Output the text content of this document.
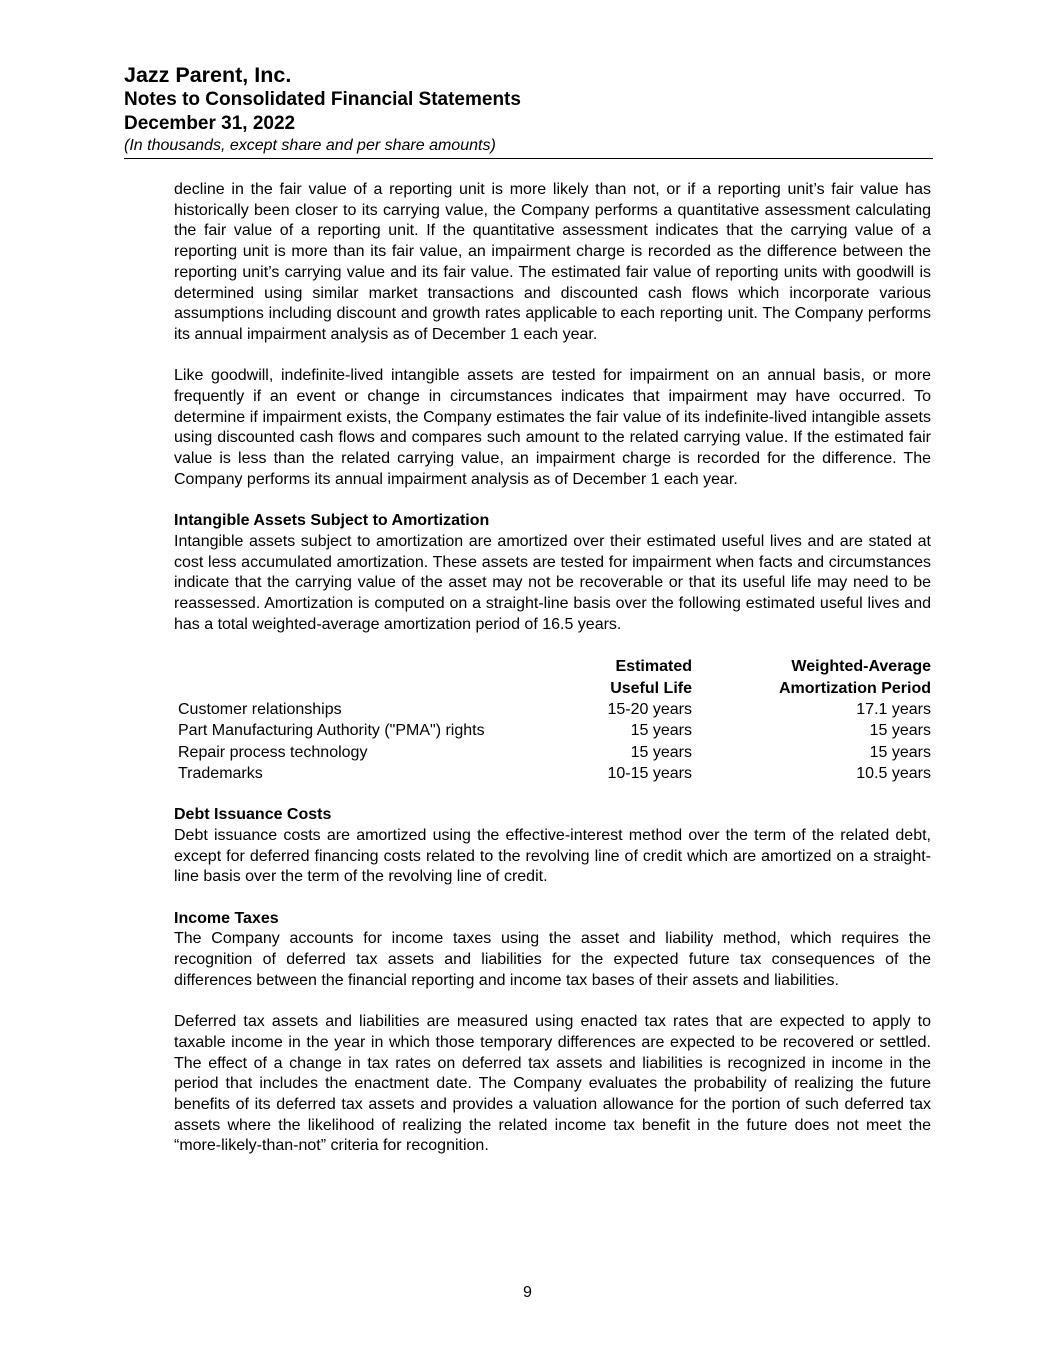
Jazz Parent, Inc.
Notes to Consolidated Financial Statements
December 31, 2022
(In thousands, except share and per share amounts)

decline in the fair value of a reporting unit is more likely than not, or if a reporting unit’s fair value has historically been closer to its carrying value, the Company performs a quantitative assessment calculating the fair value of a reporting unit. If the quantitative assessment indicates that the carrying value of a reporting unit is more than its fair value, an impairment charge is recorded as the difference between the reporting unit’s carrying value and its fair value. The estimated fair value of reporting units with goodwill is determined using similar market transactions and discounted cash flows which incorporate various assumptions including discount and growth rates applicable to each reporting unit. The Company performs its annual impairment analysis as of December 1 each year.

Like goodwill, indefinite-lived intangible assets are tested for impairment on an annual basis, or more frequently if an event or change in circumstances indicates that impairment may have occurred. To determine if impairment exists, the Company estimates the fair value of its indefinite-lived intangible assets using discounted cash flows and compares such amount to the related carrying value. If the estimated fair value is less than the related carrying value, an impairment charge is recorded for the difference. The Company performs its annual impairment analysis as of December 1 each year.

Intangible Assets Subject to Amortization

Intangible assets subject to amortization are amortized over their estimated useful lives and are stated at cost less accumulated amortization. These assets are tested for impairment when facts and circumstances indicate that the carrying value of the asset may not be recoverable or that its useful life may need to be reassessed. Amortization is computed on a straight-line basis over the following estimated useful lives and has a total weighted-average amortization period of 16.5 years.

	Estimated	Weighted-Average
	Useful Life	Amortization Period
Customer relationships	15-20 years	17.1 years
Part Manufacturing Authority ("PMA") rights	15 years	15 years
Repair process technology	15 years	15 years
Trademarks	10-15 years	10.5 years
Debt Issuance Costs

Debt issuance costs are amortized using the effective-interest method over the term of the related debt, except for deferred financing costs related to the revolving line of credit which are amortized on a straight-line basis over the term of the revolving line of credit.

Income Taxes

The Company accounts for income taxes using the asset and liability method, which requires the recognition of deferred tax assets and liabilities for the expected future tax consequences of the differences between the financial reporting and income tax bases of their assets and liabilities.

Deferred tax assets and liabilities are measured using enacted tax rates that are expected to apply to taxable income in the year in which those temporary differences are expected to be recovered or settled. The effect of a change in tax rates on deferred tax assets and liabilities is recognized in income in the period that includes the enactment date. The Company evaluates the probability of realizing the future benefits of its deferred tax assets and provides a valuation allowance for the portion of such deferred tax assets where the likelihood of realizing the related income tax benefit in the future does not meet the “more-likely-than-not” criteria for recognition.

9
